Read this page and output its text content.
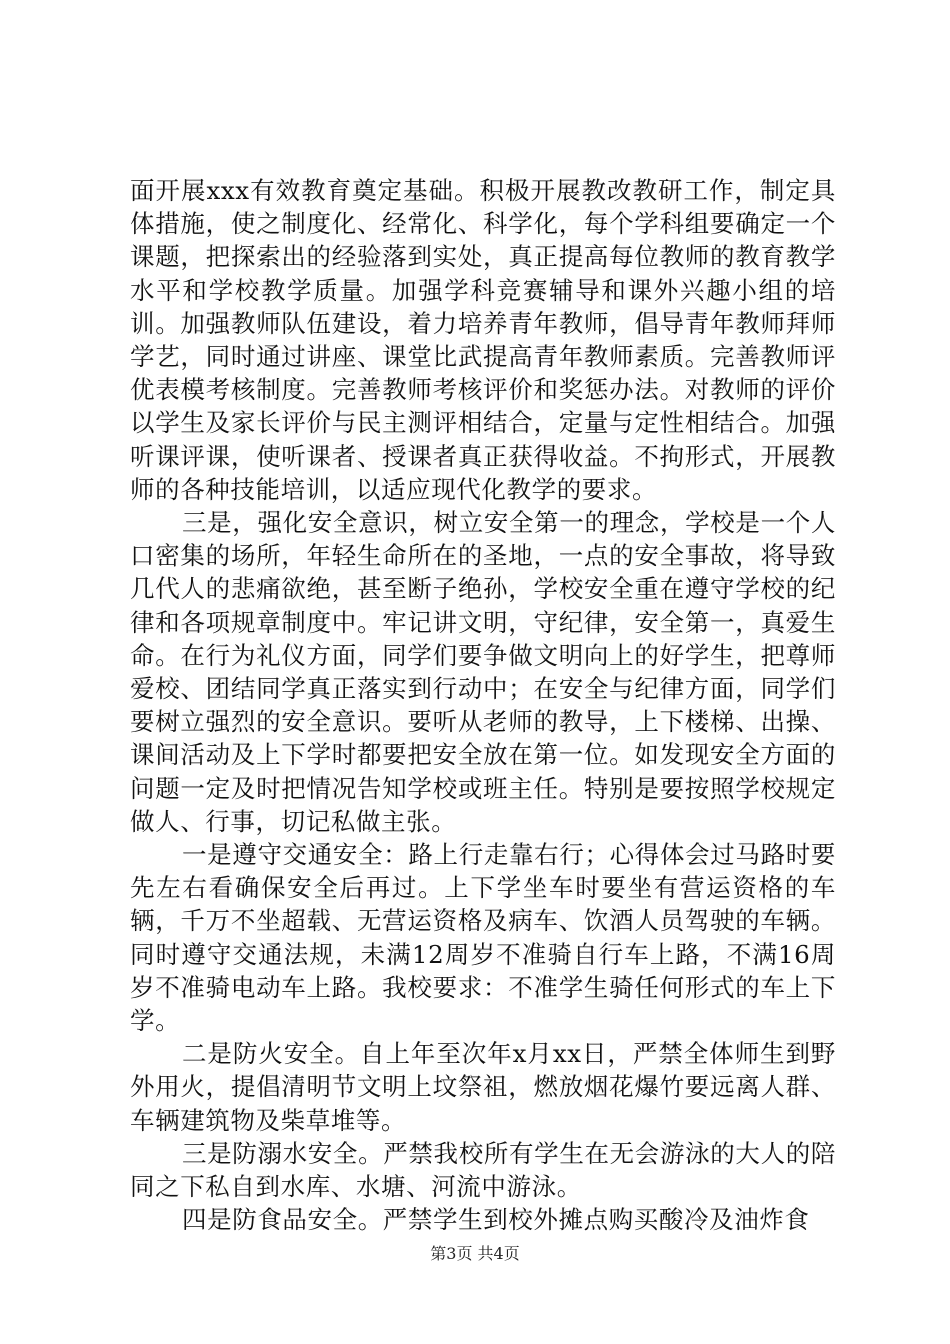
面开展xxx有效教育奠定基础。积极开展教改教研工作，制定具体措施，使之制度化、经常化、科学化，每个学科组要确定一个课题，把探索出的经验落到实处，真正提高每位教师的教育教学水平和学校教学质量。加强学科竞赛辅导和课外兴趣小组的培训。加强教师队伍建设，着力培养青年教师，倡导青年教师拜师学艺，同时通过讲座、课堂比武提高青年教师素质。完善教师评优表模考核制度。完善教师考核评价和奖惩办法。对教师的评价以学生及家长评价与民主测评相结合，定量与定性相结合。加强听课评课，使听课者、授课者真正获得收益。不拘形式，开展教师的各种技能培训，以适应现代化教学的要求。

三是，强化安全意识，树立安全第一的理念，学校是一个人口密集的场所，年轻生命所在的圣地，一点的安全事故，将导致几代人的悲痛欲绝，甚至断子绝孙，学校安全重在遵守学校的纪律和各项规章制度中。牢记讲文明，守纪律，安全第一，真爱生命。在行为礼仪方面，同学们要争做文明向上的好学生，把尊师爱校、团结同学真正落实到行动中；在安全与纪律方面，同学们要树立强烈的安全意识。要听从老师的教导，上下楼梯、出操、课间活动及上下学时都要把安全放在第一位。如发现安全方面的问题一定及时把情况告知学校或班主任。特别是要按照学校规定做人、行事，切记私做主张。

一是遵守交通安全：路上行走靠右行；心得体会过马路时要先左右看确保安全后再过。上下学坐车时要坐有营运资格的车辆，千万不坐超载、无营运资格及病车、饮酒人员驾驶的车辆。同时遵守交通法规，未满12周岁不准骑自行车上路，不满16周岁不准骑电动车上路。我校要求：不准学生骑任何形式的车上下学。

二是防火安全。自上年至次年x月xx日，严禁全体师生到野外用火，提倡清明节文明上坟祭祖，燃放烟花爆竹要远离人群、车辆建筑物及柴草堆等。

三是防溺水安全。严禁我校所有学生在无会游泳的大人的陪同之下私自到水库、水塘、河流中游泳。

四是防食品安全。严禁学生到校外摊点购买酸冷及油炸食

第3页 共4页
